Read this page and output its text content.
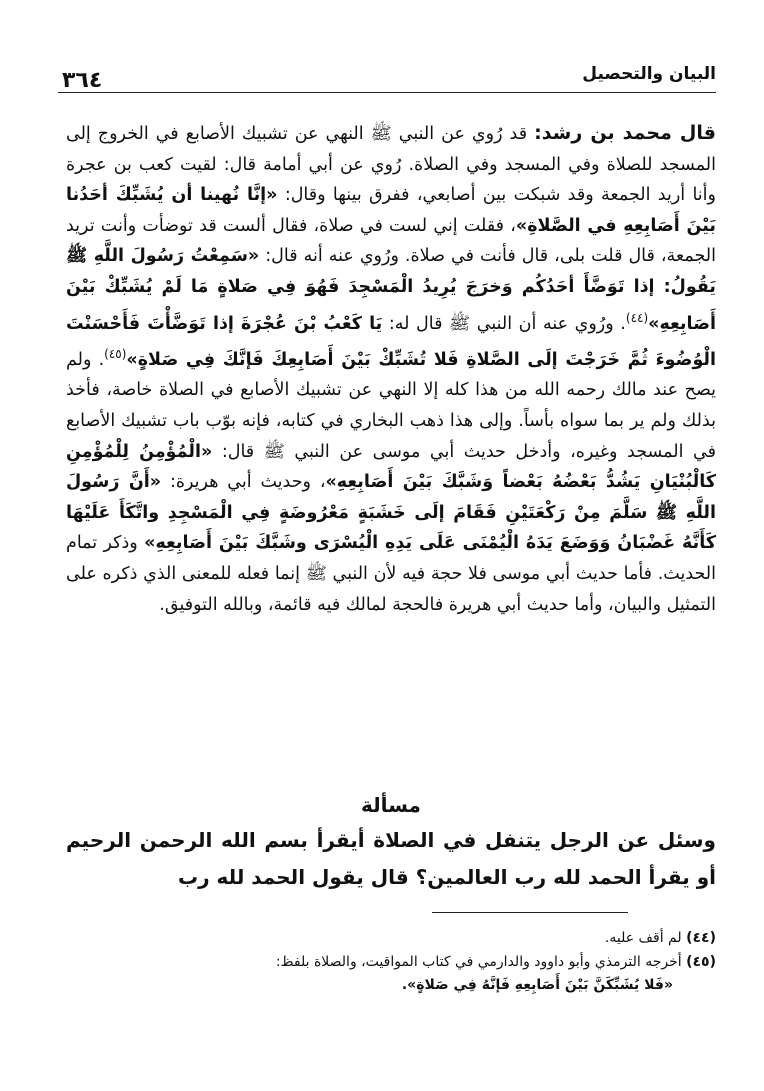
البيان والتحصيل
٣٦٤

قال محمد بن رشد: قد رُوي عن النبي ﷺ النهي عن تشبيك الأصابع في الخروج إلى المسجد للصلاة وفي المسجد وفي الصلاة. رُوي عن أبي أمامة قال: لقيت كعب بن عجرة وأنا أريد الجمعة وقد شبكت بين أصابعي، ففرق بينها وقال: «إنَّا نُهينا أن يُشَبِّكَ أحَدُنا بَيْنَ أَصَابِعِهِ في الصَّلاةِ»، فقلت إني لست في صلاة، فقال ألست قد توضأت وأنت تريد الجمعة، قال قلت بلى، قال فأنت في صلاة. ورُوي عنه أنه قال: «سَمِعْتُ رَسُولَ اللَّهِ ﷺ يَقُولُ: إذا تَوَضَّأَ أحَدُكُم وَخرَجَ يُرِيدُ الْمَسْجِدَ فَهُوَ فِي صَلاةٍ مَا لَمْ يُشَبِّكْ بَيْنَ أَصَابِعِهِ»$^{(٤٤)}$. ورُوي عنه أن النبي ﷺ قال له: يَا كَعْبُ بْنَ عُجْرَةَ إذا تَوَضَّأْتَ فَأَحْسَنْتَ الْوُضُوءَ ثُمَّ خَرَجْتَ إلَى الصَّلاةِ فَلا تُشَبِّكْ بَيْنَ أَصَابِعِكَ فَإنَّكَ فِي صَلاةٍ»$^{(٤٥)}$. ولم يصح عند مالك رحمه الله من هذا كله إلا النهي عن تشبيك الأصابع في الصلاة خاصة، فأخذ بذلك ولم ير بما سواه بأساً. وإلى هذا ذهب البخاري في كتابه، فإنه بوّب باب تشبيك الأصابع في المسجد وغيره، وأدخل حديث أبي موسى عن النبي ﷺ قال: «الْمُؤْمِنُ لِلْمُؤْمِنِ كَالْبُنْيَانِ يَشُدُّ بَعْضُهُ بَعْضاً وَشَبَّكَ بَيْنَ أَصَابِعِهِ»، وحديث أبي هريرة: «أَنَّ رَسُولَ اللَّهِ ﷺ سَلَّمَ مِنْ رَكْعَتَيْنِ فَقَامَ إلَى خَشَبَةٍ مَعْرُوضَةٍ فِي الْمَسْجِدِ واتَّكَأَ عَلَيْهَا كَأَنَّهُ غَضْبَانُ وَوَضَعَ يَدَهُ الْيُمْنَى عَلَى يَدِهِ الْيُسْرَى وشَبَّكَ بَيْنَ أَصَابِعِهِ» وذكر تمام الحديث. فأما حديث أبي موسى فلا حجة فيه لأن النبي ﷺ إنما فعله للمعنى الذي ذكره على التمثيل والبيان، وأما حديث أبي هريرة فالحجة لمالك فيه قائمة، وبالله التوفيق.

مسألة
وسئل عن الرجل يتنفل في الصلاة أيقرأ بسم الله الرحمن الرحيم أو يقرأ الحمد لله رب العالمين؟ قال يقول الحمد لله رب

(٤٤) لم أقف عليه.

(٤٥) أخرجه الترمذي وأبو داوود والدارمي في كتاب المواقيت، والصلاة بلفظ:
«فَلا يُشَبِّكَنَّ بَيْنَ أَصَابِعِهِ فَإنَّهُ فِي صَلاةٍ».
